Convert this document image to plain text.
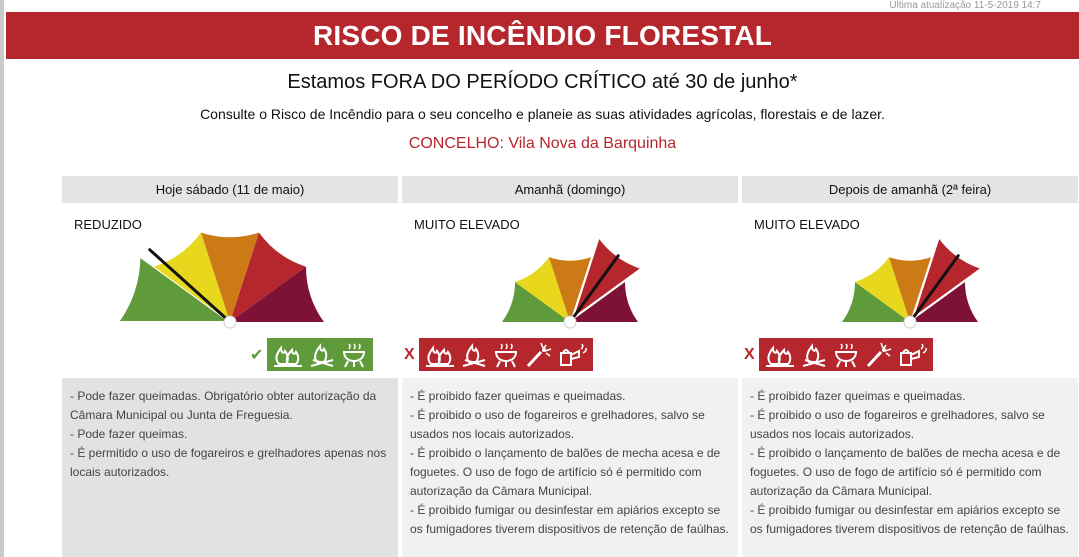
Última atualização 11-5-2019 14:7
RISCO DE INCÊNDIO FLORESTAL
Estamos FORA DO PERÍODO CRÍTICO até 30 de junho*
Consulte o Risco de Incêndio para o seu concelho e planeie as suas atividades agrícolas, florestais e de lazer.
CONCELHO: Vila Nova da Barquinha
Hoje sábado (11 de maio)
REDUZIDO
✔

- Pode fazer queimadas. Obrigatório obter autorização da Câmara Municipal ou Junta de Freguesia.

- Pode fazer queimas.

- É permitido o uso de fogareiros e grelhadores apenas nos locais autorizados.

Amanhã (domingo)
MUITO ELEVADO
X

- É proibido fazer queimas e queimadas.

- É proibido o uso de fogareiros e grelhadores, salvo se usados nos locais autorizados.

- É proibido o lançamento de balões de mecha acesa e de foguetes. O uso de fogo de artifício só é permitido com autorização da Câmara Municipal.

- É proibido fumigar ou desinfestar em apiários excepto se os fumigadores tiverem dispositivos de retenção de faúlhas.

Depois de amanhã (2ª feira)
MUITO ELEVADO
X

- É proibido fazer queimas e queimadas.

- É proibido o uso de fogareiros e grelhadores, salvo se usados nos locais autorizados.

- É proibido o lançamento de balões de mecha acesa e de foguetes. O uso de fogo de artifício só é permitido com autorização da Câmara Municipal.

- É proibido fumigar ou desinfestar em apiários excepto se os fumigadores tiverem dispositivos de retenção de faúlhas.
